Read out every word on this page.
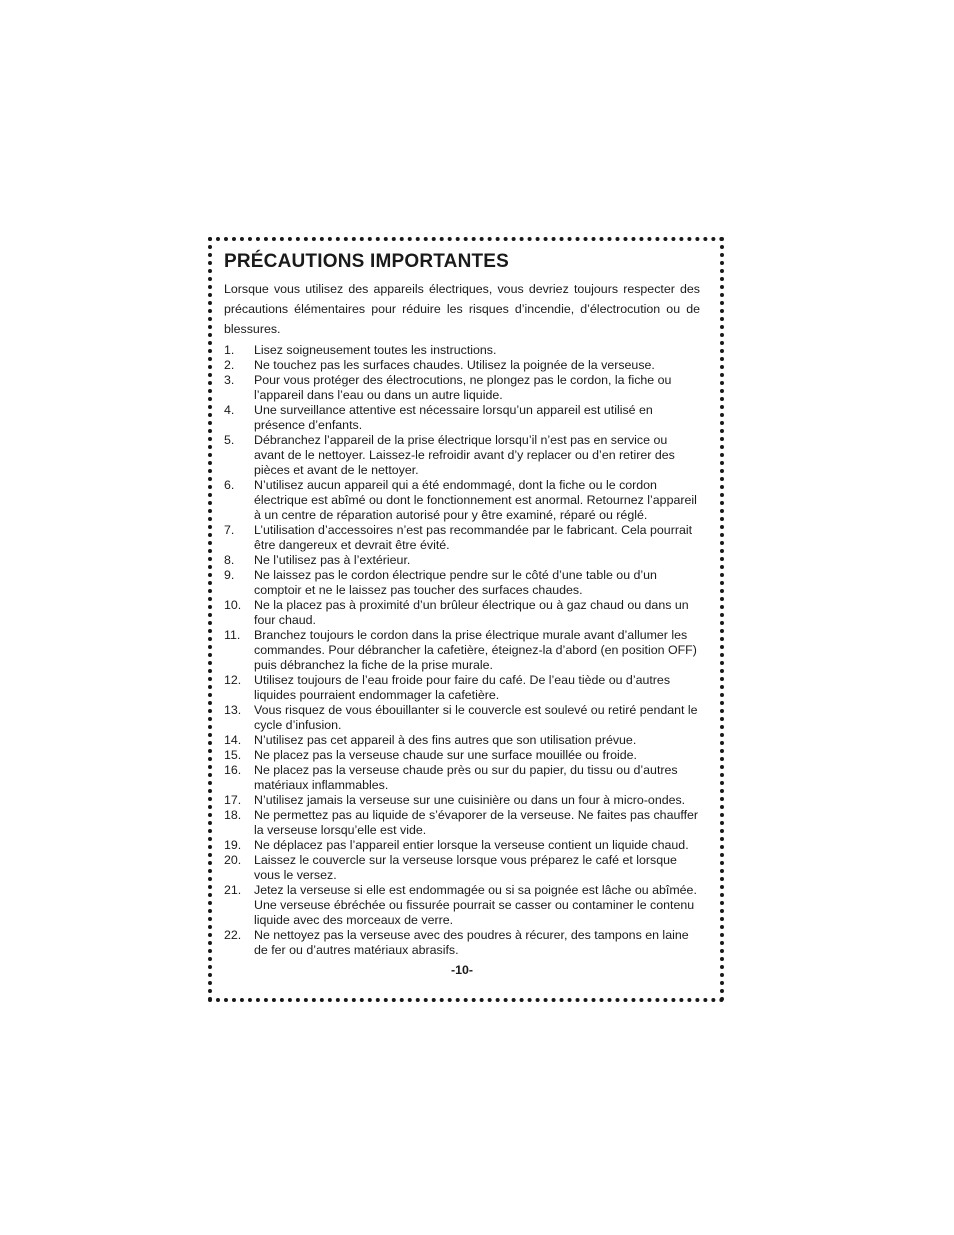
PRÉCAUTIONS IMPORTANTES

Lorsque vous utilisez des appareils électriques, vous devriez toujours respecter des précautions élémentaires pour réduire les risques d’incendie, d’électrocution ou de blessures.

1.	Lisez soigneusement toutes les instructions.
2.	Ne touchez pas les surfaces chaudes. Utilisez la poignée de la verseuse.
3.	Pour vous protéger des électrocutions, ne plongez pas le cordon, la fiche ou l’appareil dans l’eau ou dans un autre liquide.
4.	Une surveillance attentive est nécessaire lorsqu’un appareil est utilisé en présence d’enfants.
5.	Débranchez l’appareil de la prise électrique lorsqu’il n’est pas en service ou avant de le nettoyer. Laissez-le refroidir avant d’y replacer ou d’en retirer des pièces et avant de le nettoyer.
6.	N’utilisez aucun appareil qui a été endommagé, dont la fiche ou le cordon électrique est abîmé ou dont le fonctionnement est anormal. Retournez l’appareil à un centre de réparation autorisé pour y être examiné, réparé ou réglé.
7.	L’utilisation d’accessoires n’est pas recommandée par le fabricant. Cela pourrait être dangereux et devrait être évité.
8.	Ne l’utilisez pas à l’extérieur.
9.	Ne laissez pas le cordon électrique pendre sur le côté d’une table ou d’un comptoir et ne le laissez pas toucher des surfaces chaudes.
10.	Ne la placez pas à proximité d’un brûleur électrique ou à gaz chaud ou dans un four chaud.
11.	Branchez toujours le cordon dans la prise électrique murale avant d’allumer les commandes. Pour débrancher la cafetière, éteignez-la d’abord (en position OFF) puis débranchez la fiche de la prise murale.
12.	Utilisez toujours de l’eau froide pour faire du café. De l’eau tiède ou d’autres liquides pourraient endommager la cafetière.
13.	Vous risquez de vous ébouillanter si le couvercle est soulevé ou retiré pendant le cycle d’infusion.
14.	N’utilisez pas cet appareil à des fins autres que son utilisation prévue.
15.	Ne placez pas la verseuse chaude sur une surface mouillée ou froide.
16.	Ne placez pas la verseuse chaude près ou sur du papier, du tissu ou d’autres matériaux inflammables.
17.	N’utilisez jamais la verseuse sur une cuisinière ou dans un four à micro-ondes.
18.	Ne permettez pas au liquide de s’évaporer de la verseuse. Ne faites pas chauffer la verseuse lorsqu’elle est vide.
19.	Ne déplacez pas l’appareil entier lorsque la verseuse contient un liquide chaud.
20.	Laissez le couvercle sur la verseuse lorsque vous préparez le café et lorsque vous le versez.
21.	Jetez la verseuse si elle est endommagée ou si sa poignée est lâche ou abîmée. Une verseuse ébréchée ou fissurée pourrait se casser ou contaminer le contenu liquide avec des morceaux de verre.
22.	Ne nettoyez pas la verseuse avec des poudres à récurer, des tampons en laine de fer ou d’autres matériaux abrasifs.
-10-
